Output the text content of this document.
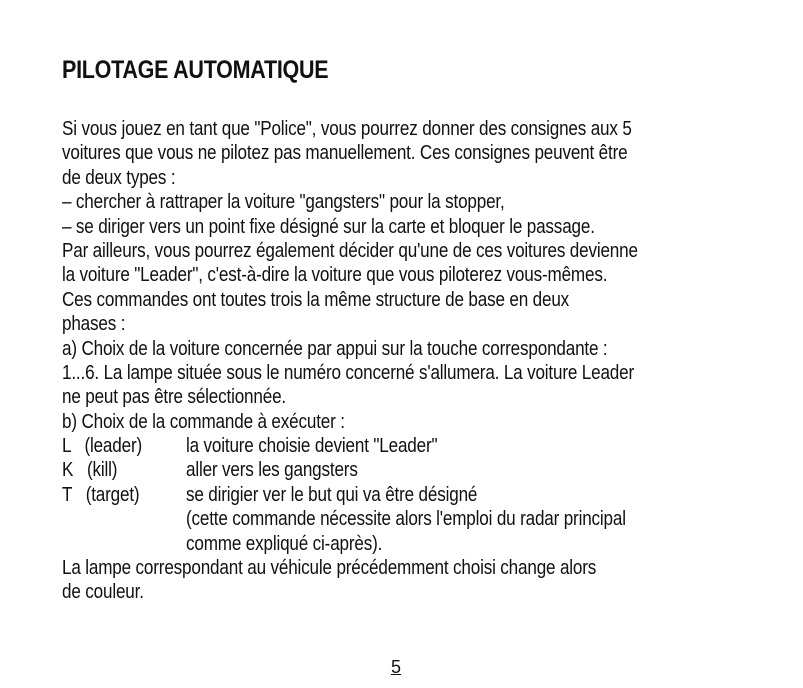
PILOTAGE AUTOMATIQUE
Si vous jouez en tant que "Police", vous pourrez donner des consignes aux 5
voitures que vous ne pilotez pas manuellement. Ces consignes peuvent être
de deux types :
– chercher à rattraper la voiture "gangsters" pour la stopper,
– se diriger vers un point fixe désigné sur la carte et bloquer le passage.
Par ailleurs, vous pourrez également décider qu'une de ces voitures devienne
la voiture "Leader", c'est-à-dire la voiture que vous piloterez vous-mêmes.
Ces commandes ont toutes trois la même structure de base en deux
phases :
a) Choix de la voiture concernée par appui sur la touche correspondante :
1...6. La lampe située sous le numéro concerné s'allumera. La voiture Leader
ne peut pas être sélectionnée.
b) Choix de la commande à exécuter :
L   (leader)	la voiture choisie devient "Leader"
K   (kill)	aller vers les gangsters
T   (target)	se dirigier ver le but qui va être désigné
(cette commande nécessite alors l'emploi du radar principal
comme expliqué ci-après).
La lampe correspondant au véhicule précédemment choisi change alors
de couleur.

5
